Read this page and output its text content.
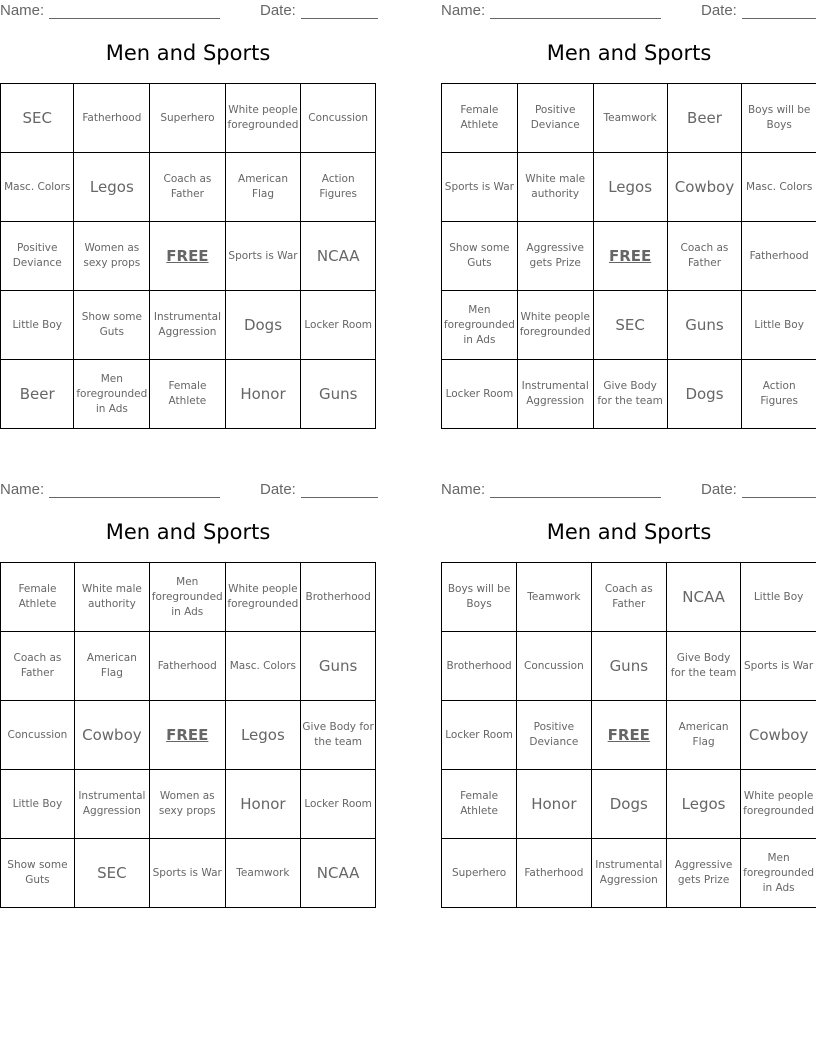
Name:	Date:
Men and Sports
SEC	Fatherhood	Superhero	White people foregrounded	Concussion
Masc. Colors	Legos	Coach as Father	American Flag	Action Figures
Positive Deviance	Women as sexy props	FREE	Sports is War	NCAA
Little Boy	Show some Guts	Instrumental Aggression	Dogs	Locker Room
Beer	Men foregrounded in Ads	Female Athlete	Honor	Guns
Name:	Date:
Men and Sports
Female Athlete	Positive Deviance	Teamwork	Beer	Boys will be Boys
Sports is War	White male authority	Legos	Cowboy	Masc. Colors
Show some Guts	Aggressive gets Prize	FREE	Coach as Father	Fatherhood
Men foregrounded in Ads	White people foregrounded	SEC	Guns	Little Boy
Locker Room	Instrumental Aggression	Give Body for the team	Dogs	Action Figures
Name:	Date:
Men and Sports
Female Athlete	White male authority	Men foregrounded in Ads	White people foregrounded	Brotherhood
Coach as Father	American Flag	Fatherhood	Masc. Colors	Guns
Concussion	Cowboy	FREE	Legos	Give Body for the team
Little Boy	Instrumental Aggression	Women as sexy props	Honor	Locker Room
Show some Guts	SEC	Sports is War	Teamwork	NCAA
Name:	Date:
Men and Sports
Boys will be Boys	Teamwork	Coach as Father	NCAA	Little Boy
Brotherhood	Concussion	Guns	Give Body for the team	Sports is War
Locker Room	Positive Deviance	FREE	American Flag	Cowboy
Female Athlete	Honor	Dogs	Legos	White people foregrounded
Superhero	Fatherhood	Instrumental Aggression	Aggressive gets Prize	Men foregrounded in Ads
